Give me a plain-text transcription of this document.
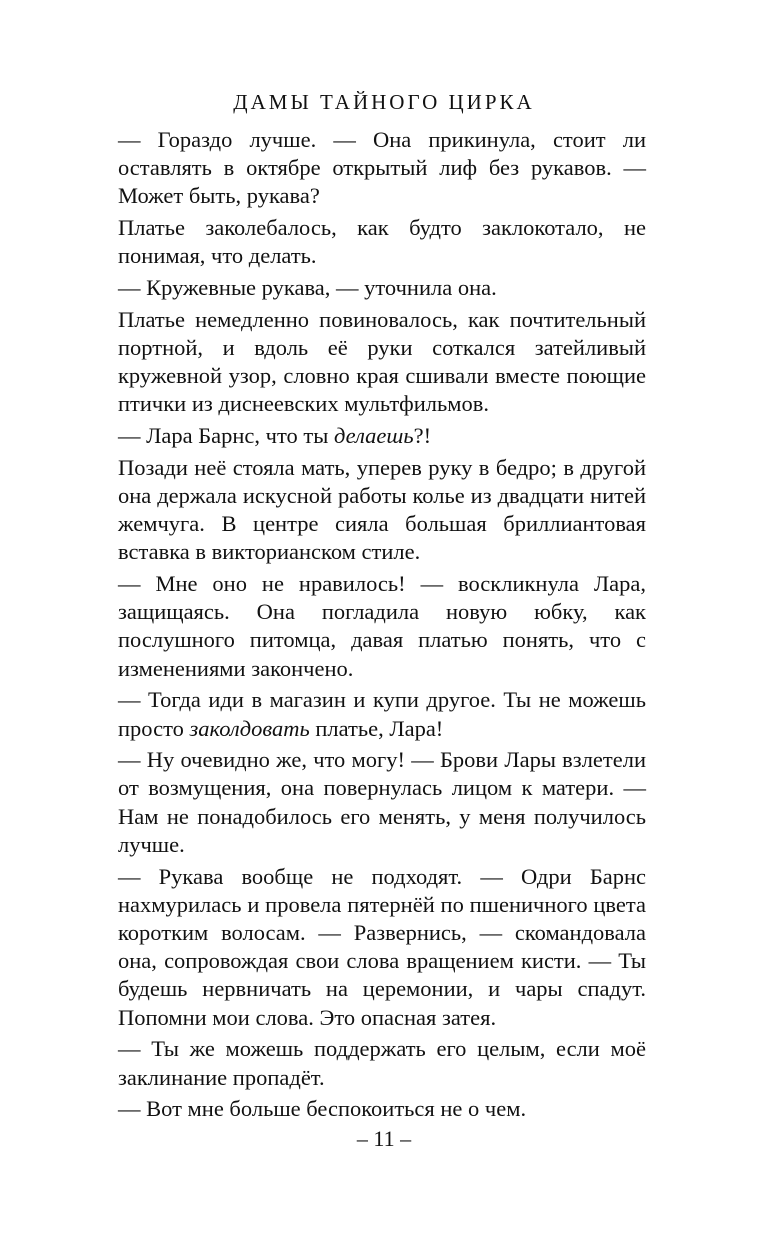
ДАМЫ ТАЙНОГО ЦИРКА

— Гораздо лучше. — Она прикинула, стоит ли оставлять в октябре открытый лиф без рукавов. — Может быть, рукава?

Платье заколебалось, как будто заклокотало, не понимая, что делать.

— Кружевные рукава, — уточнила она.

Платье немедленно повиновалось, как почтительный портной, и вдоль её руки соткался затейливый кружевной узор, словно края сшивали вместе поющие птички из диснеевских мультфильмов.

— Лара Барнс, что ты делаешь?!

Позади неё стояла мать, уперев руку в бедро; в другой она держала искусной работы колье из двадцати нитей жемчуга. В центре сияла большая бриллиантовая вставка в викторианском стиле.

— Мне оно не нравилось! — воскликнула Лара, защищаясь. Она погладила новую юбку, как послушного питомца, давая платью понять, что с изменениями закончено.

— Тогда иди в магазин и купи другое. Ты не можешь просто заколдовать платье, Лара!

— Ну очевидно же, что могу! — Брови Лары взлетели от возмущения, она повернулась лицом к матери. — Нам не понадобилось его менять, у меня получилось лучше.

— Рукава вообще не подходят. — Одри Барнс нахмурилась и провела пятернёй по пшеничного цвета коротким волосам. — Развернись, — скомандовала она, сопровождая свои слова вращением кисти. — Ты будешь нервничать на церемонии, и чары спадут. Попомни мои слова. Это опасная затея.

— Ты же можешь поддержать его целым, если моё заклинание пропадёт.

— Вот мне больше беспокоиться не о чем.

– 11 –
